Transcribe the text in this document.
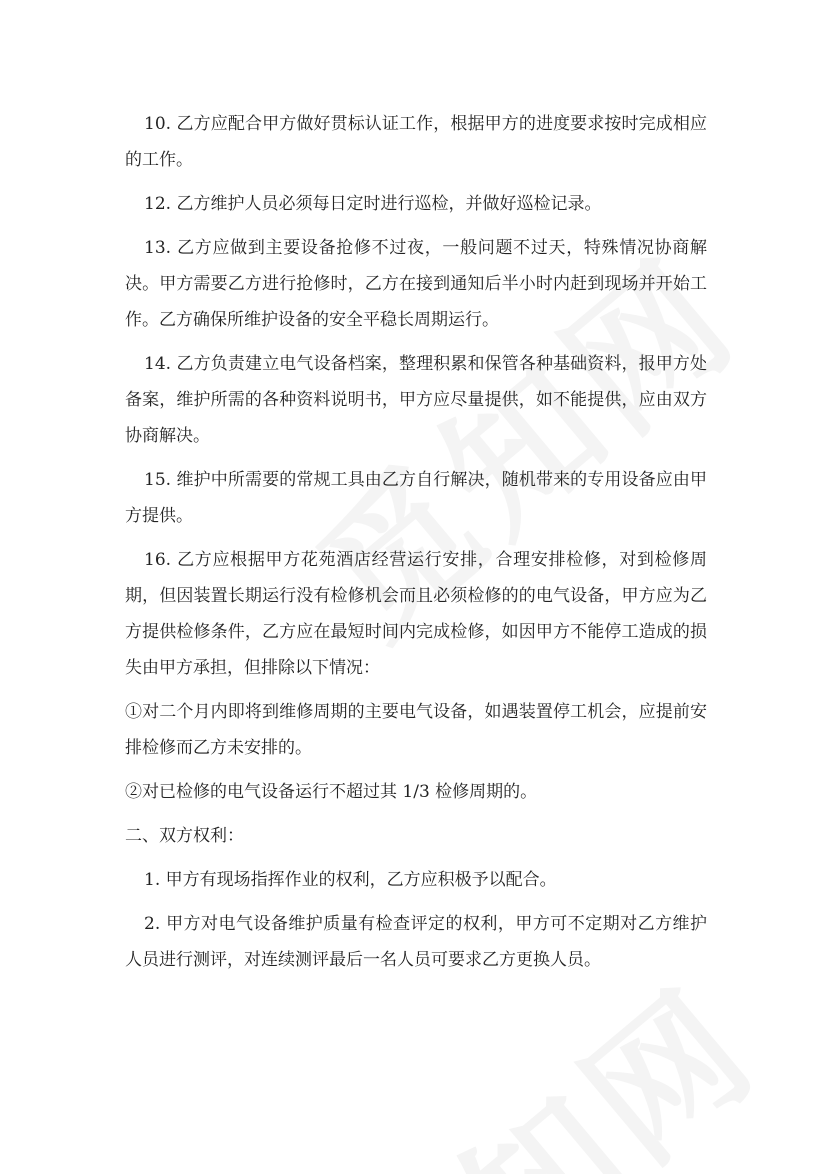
10. 乙方应配合甲方做好贯标认证工作，根据甲方的进度要求按时完成相应的工作。

12. 乙方维护人员必须每日定时进行巡检，并做好巡检记录。

13. 乙方应做到主要设备抢修不过夜，一般问题不过天，特殊情况协商解决。甲方需要乙方进行抢修时，乙方在接到通知后半小时内赶到现场并开始工作。乙方确保所维护设备的安全平稳长周期运行。

14. 乙方负责建立电气设备档案，整理积累和保管各种基础资料，报甲方处备案，维护所需的各种资料说明书，甲方应尽量提供，如不能提供，应由双方协商解决。

15. 维护中所需要的常规工具由乙方自行解决，随机带来的专用设备应由甲方提供。

16. 乙方应根据甲方花苑酒店经营运行安排，合理安排检修，对到检修周期，但因装置长期运行没有检修机会而且必须检修的的电气设备，甲方应为乙方提供检修条件，乙方应在最短时间内完成检修，如因甲方不能停工造成的损失由甲方承担，但排除以下情况：

①对二个月内即将到维修周期的主要电气设备，如遇装置停工机会，应提前安排检修而乙方未安排的。

②对已检修的电气设备运行不超过其 1/3 检修周期的。

二、双方权利：

1. 甲方有现场指挥作业的权利，乙方应积极予以配合。

2. 甲方对电气设备维护质量有检查评定的权利，甲方可不定期对乙方维护人员进行测评，对连续测评最后一名人员可要求乙方更换人员。
